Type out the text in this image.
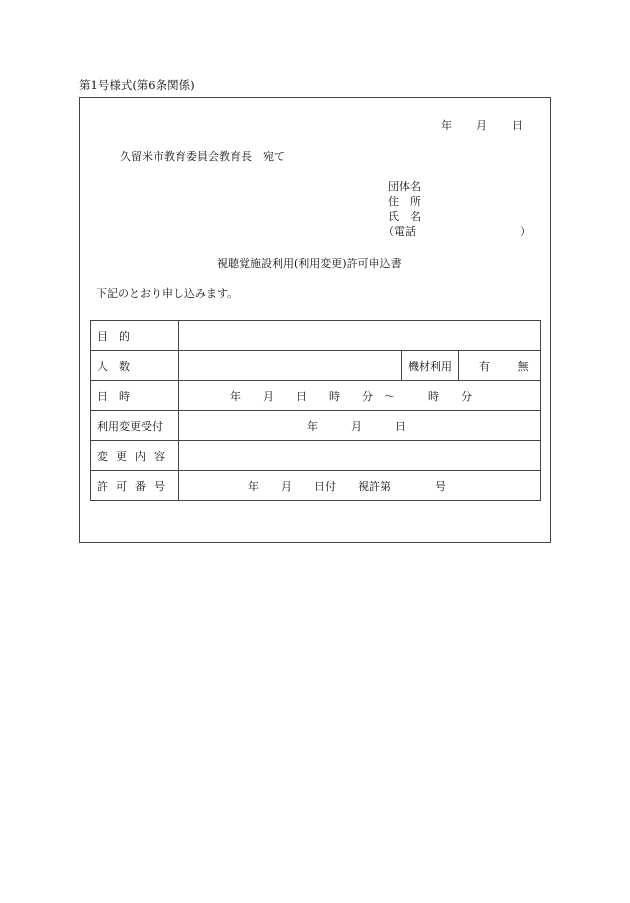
第1号様式(第6条関係)
年 月 日
久留米市教育委員会教育長　宛て
団体名
住　所
氏　名
（電話	）
視聴覚施設利用(利用変更)許可申込書
下記のとおり申し込みます。
目　的			

人　数		機材利用	有 無

日　時	年　　月　　日　　時　　分　～　　　時　　分		
利用変更受付	年　　　月　　　日		

変更内容			

許可番号	年　　月　　日付　　視許第　　　　号		
